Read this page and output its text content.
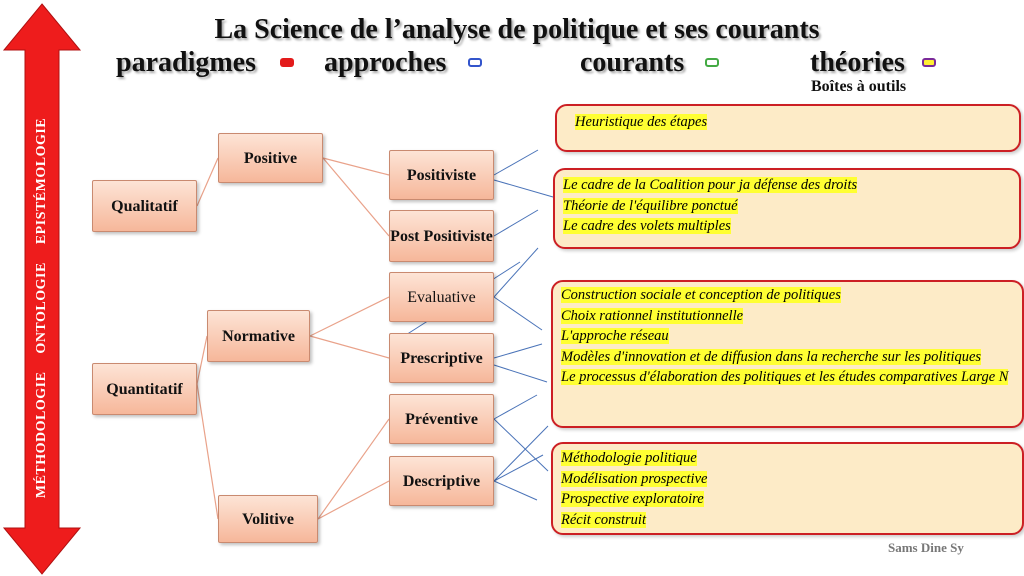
MÉTHODOLOGIE ONTOLOGIE EPISTÉMOLOGIE
La Science de l’analyse de politique et ses courants
paradigmes approches	courants	théories
Boîtes à outils
Qualitatif
Quantitatif
Positive
Normative
Volitive
Positiviste
Post Positiviste
Evaluative
Prescriptive
Préventive
Descriptive
Heuristique des étapes
Le cadre de la Coalition pour ja défense des droits
Théorie de l'équilibre ponctué
Le cadre des volets multiples
Construction sociale et conception de politiques
Choix rationnel institutionnelle
L'approche réseau
Modèles d'innovation et de diffusion dans la recherche sur les politiques
Le processus d'élaboration des politiques et les études comparatives Large N
Méthodologie politique
Modélisation prospective
Prospective exploratoire
Récit construit
Sams Dine Sy
